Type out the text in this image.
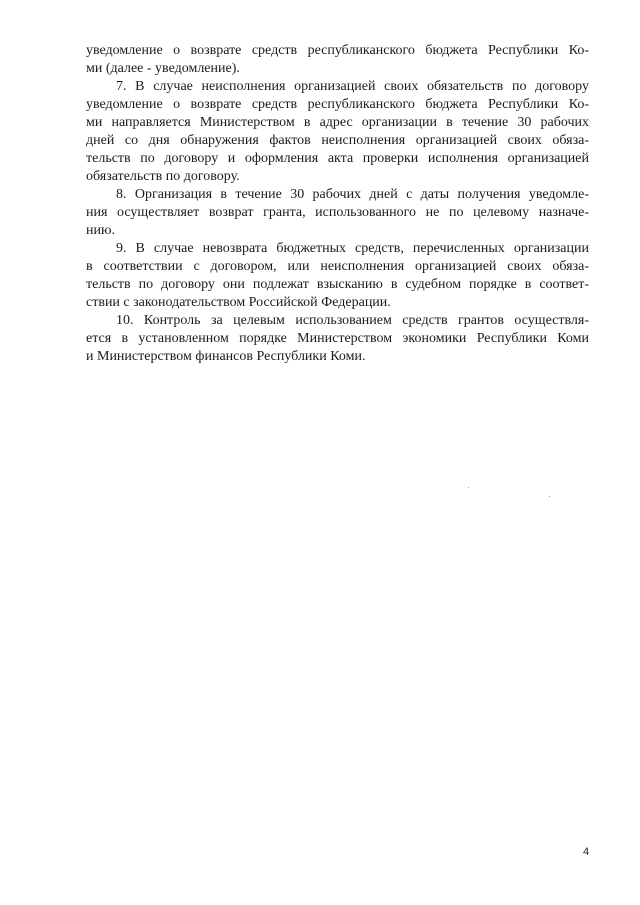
уведомление о возврате средств республиканского бюджета Республики Ко-
ми (далее - уведомление).
7. В случае неисполнения организацией своих обязательств по договору
уведомление о возврате средств республиканского бюджета Республики Ко-
ми направляется Министерством в адрес организации в течение 30 рабочих
дней со дня обнаружения фактов неисполнения организацией своих обяза-
тельств по договору и оформления акта проверки исполнения организацией
обязательств по договору.
8. Организация в течение 30 рабочих дней с даты получения уведомле-
ния осуществляет возврат гранта, использованного не по целевому назначе-
нию.
9. В случае невозврата бюджетных средств, перечисленных организации
в соответствии с договором, или неисполнения организацией своих обяза-
тельств по договору они подлежат взысканию в судебном порядке в соответ-
ствии с законодательством Российской Федерации.
10. Контроль за целевым использованием средств грантов осуществля-
ется в установленном порядке Министерством экономики Республики Коми
и Министерством финансов Республики Коми.
4
